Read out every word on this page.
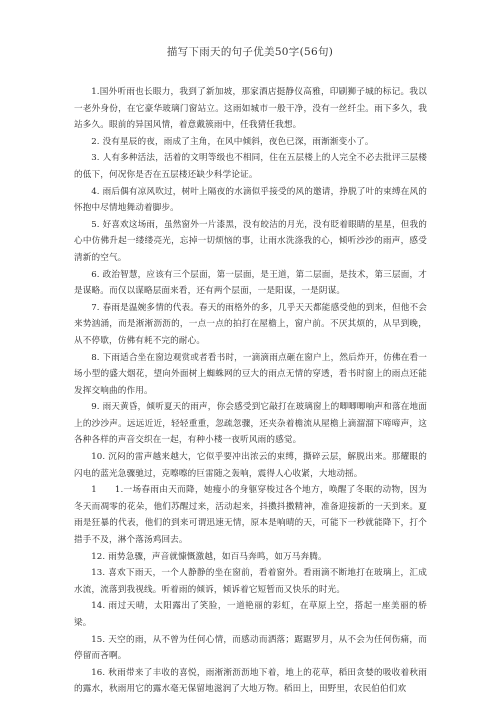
描写下雨天的句子优美50字(56句)

1.国外听雨也长眼力，我到了新加坡，那家酒店挺静仪高雅，印刷狮子城的标记。我以一老外身份，在它豪华玻璃门窗站立。这雨如城市一般干净，没有一丝纤尘。雨下多久，我站多久。眼前的异国风情，着意戴簇雨中，任我猜任我想。

2. 没有星辰的夜，雨成了主角，在风中倾斜，夜色已深，雨渐渐变小了。

3. 人有多种活法，活着的文明等级也不相同，住在五层楼上的人完全不必去批评三层楼的低下，何况你是否在五层楼还缺少科学论证。

4. 雨后偶有凉风吹过，树叶上隔夜的水滴似乎接受的风的邀请，挣脱了叶的束缚在风的怀抱中尽情地舞动着脚步。

5. 好喜欢这场雨，虽然窗外一片漆黑，没有皎洁的月光，没有眨着眼睛的星星，但我的心中仿佛升起一缕缕亮光，忘掉一切烦恼的事，让雨水洗涤我的心，倾听沙沙的雨声，感受清新的空气。

6. 政治智慧，应该有三个层面，第一层面，是王道，第二层面，是技术，第三层面，才是谋略。而仅以谋略层面来看，还有两个层面，一是阳谋，一是阴谋。

7. 春雨是温婉多情的代表。春天的雨格外的多，几乎天天都能感受他的到来，但他不会来势汹涌，而是淅淅沥沥的，一点一点的拍打在屋檐上，窗户前。不厌其烦的，从早到晚，从不停歇，仿佛有耗不完的耐心。

8. 下雨适合坐在窗边观赏或者看书时，一滴滴雨点砸在窗户上，然后炸开，仿佛在看一场小型的盛大烟花，望向外面树上蜘蛛网的豆大的雨点无情的穿透，看书时窗上的雨点还能发挥交响曲的作用。

9. 雨天黄昏，倾听夏天的雨声，你会感受到它敲打在玻璃窗上的唧唧唧响声和落在地面上的沙沙声。远远近近，轻轻重重，忽疏忽骤，还夹杂着檐流从屋檐上滴溜溜下啼啼声，这各种各样的声音交织在一起，有种小楼一夜听风雨的感觉。

10. 沉闷的雷声越来越大，它似乎要冲出浓云的束缚，撕碎云层，解脱出来。那耀眼的闪电的蓝光急骤驰过，克嚓嚓的巨雷随之轰响，震得人心收紧，大地动摇。

1　　1.一场春雨由天而降，她瘦小的身躯穿梭过各个地方，唤醒了冬眠的动物，因为冬天而凋零的花朵，他们苏醒过来，活动起来，抖擞抖擞精神，准备迎接新的一天到来。夏雨是狂暴的代表，他们的到来可谓迅速无情，原本是响晴的天，可能下一秒就能降下，打个措手不及，淋个落汤鸡回去。

12. 雨势急骤，声音就慷慨激越，如百马奔鸣，如万马奔腾。

13. 喜欢下雨天，一个人静静的坐在窗前，看着窗外。看雨滴不断地打在玻璃上，汇成水流，流落到我视线。听着雨的倾诉，倾诉着它短暂而又快乐的时光。

14. 雨过天晴，太阳露出了笑脸，一道艳丽的彩虹，在草原上空，搭起一座美丽的桥梁。

15. 天空的雨，从不曾为任何心情，而感动而洒落；踞踞罗月，从不会为任何伤痛，而停留而吝啊。

16. 秋雨带来了丰收的喜悦，雨淅淅沥沥地下着，地上的花草，稻田贪婪的吸收着秋雨的露水，秋雨用它的露水毫无保留地滋润了大地万物。稻田上，田野里，农民伯伯们欢
